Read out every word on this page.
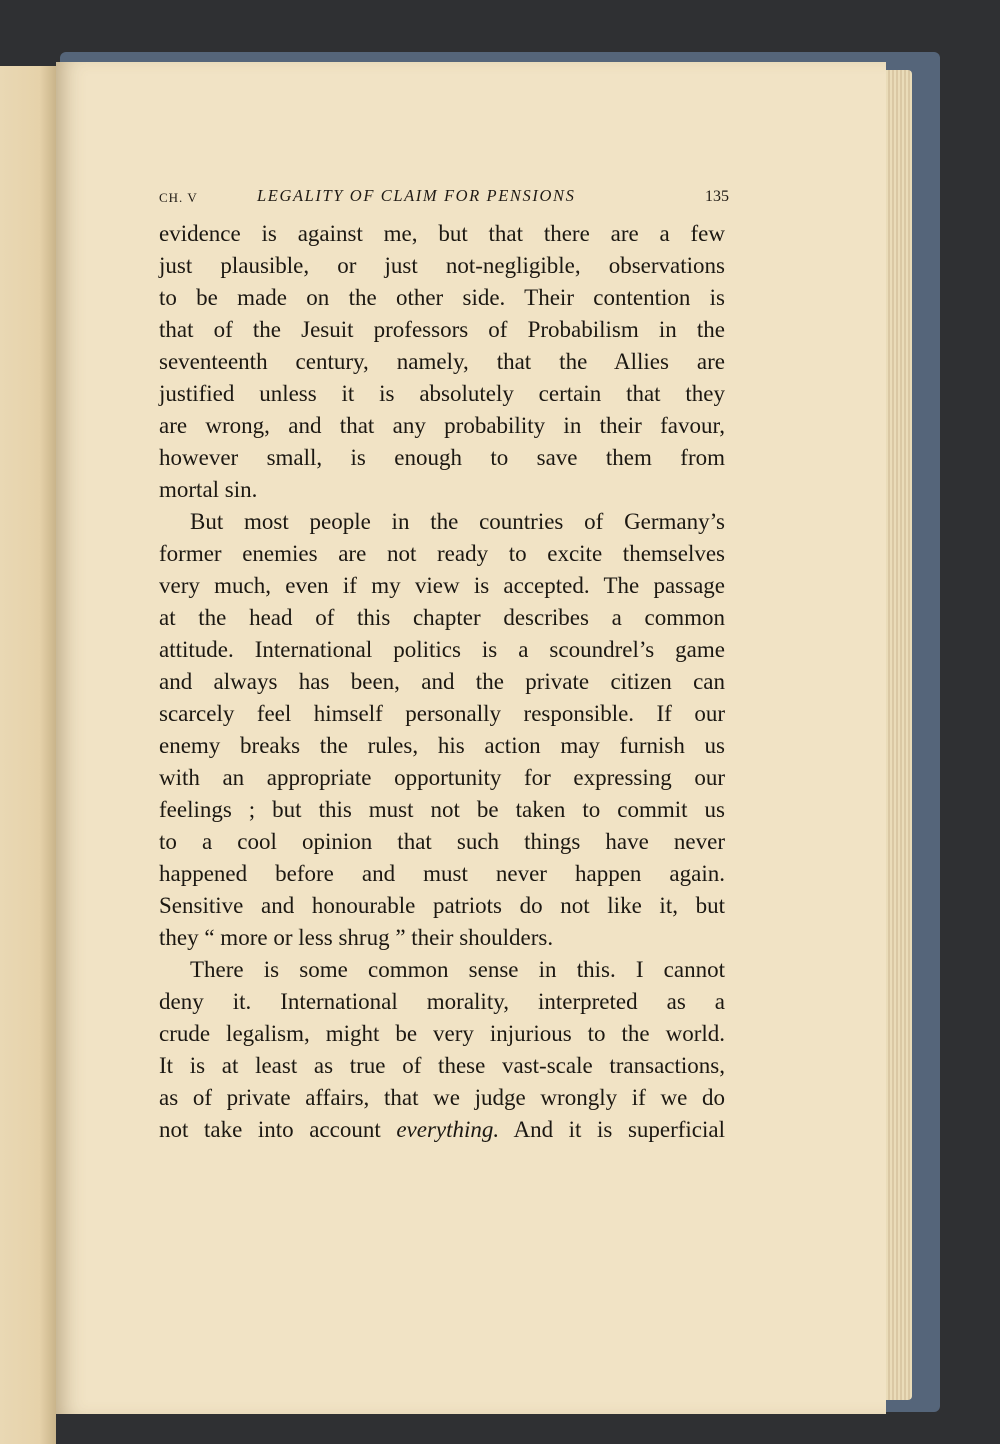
CH. V	LEGALITY OF CLAIM FOR PENSIONS	135
evidence is against me, but that there are a few
just plausible, or just not-negligible, observations
to be made on the other side. Their contention is
that of the Jesuit professors of Probabilism in the
seventeenth century, namely, that the Allies are
justified unless it is absolutely certain that they
are wrong, and that any probability in their favour,
however small, is enough to save them from
mortal sin.
But most people in the countries of Germany’s
former enemies are not ready to excite themselves
very much, even if my view is accepted. The passage
at the head of this chapter describes a common
attitude. International politics is a scoundrel’s game
and always has been, and the private citizen can
scarcely feel himself personally responsible. If our
enemy breaks the rules, his action may furnish us
with an appropriate opportunity for expressing our
feelings ; but this must not be taken to commit us
to a cool opinion that such things have never
happened before and must never happen again.
Sensitive and honourable patriots do not like it, but
they “ more or less shrug ” their shoulders.
There is some common sense in this. I cannot
deny it. International morality, interpreted as a
crude legalism, might be very injurious to the world.
It is at least as true of these vast-scale transactions,
as of private affairs, that we judge wrongly if we do
not take into account everything. And it is superficial
